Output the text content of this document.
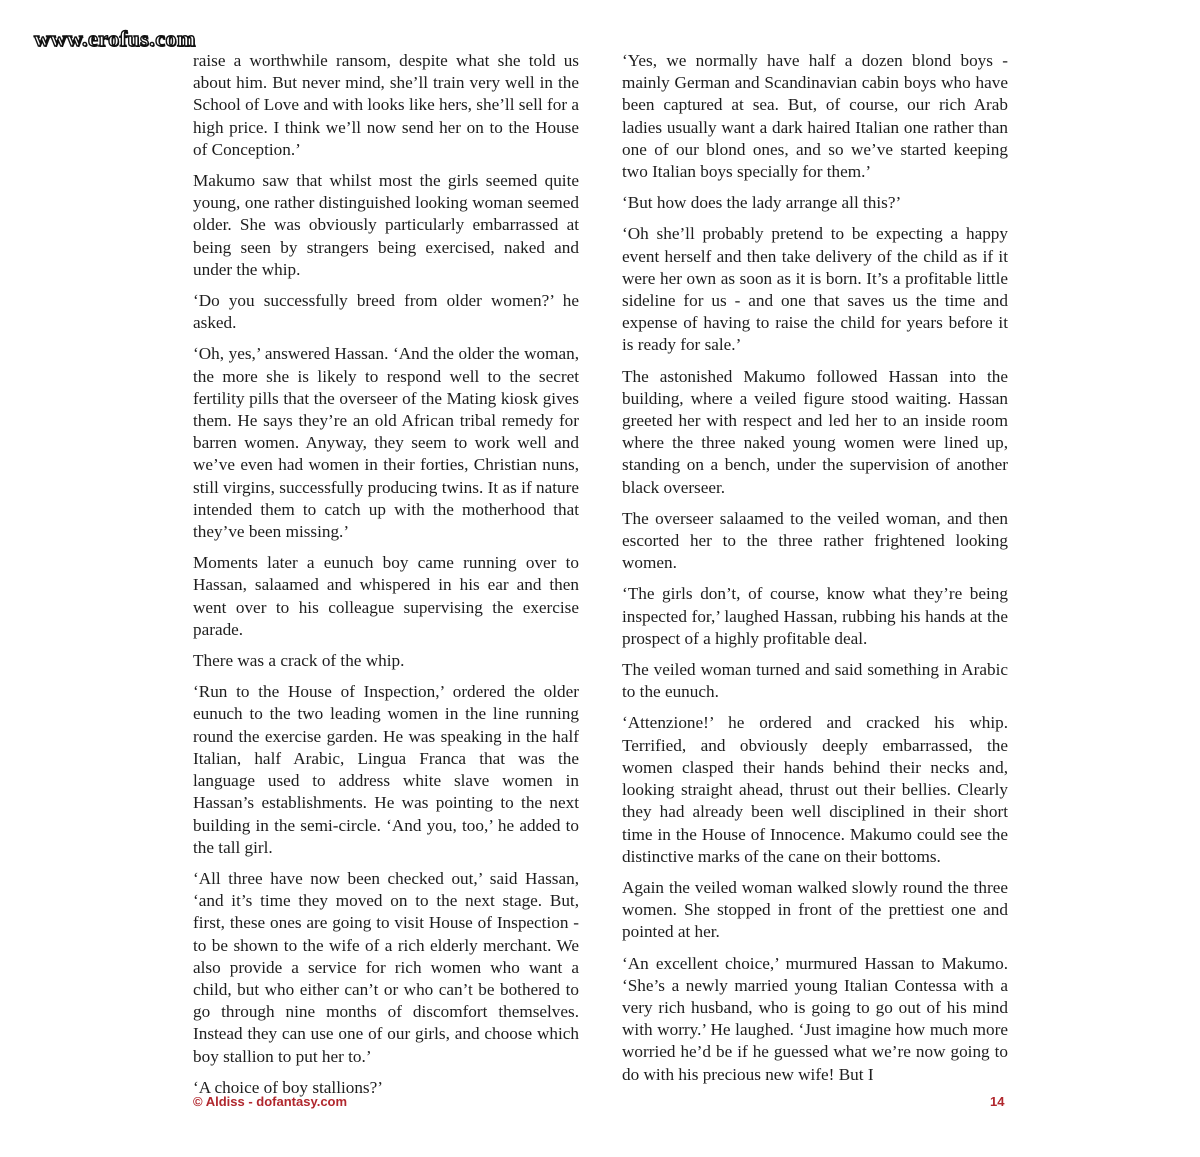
www.erofus.com

raise a worthwhile ransom, despite what she told us about him. But never mind, she’ll train very well in the School of Love and with looks like hers, she’ll sell for a high price. I think we’ll now send her on to the House of Conception.’

Makumo saw that whilst most the girls seemed quite young, one rather distinguished looking woman seemed older. She was obviously particularly embarrassed at being seen by strangers being exercised, naked and under the whip.

‘Do you successfully breed from older women?’ he asked.

‘Oh, yes,’ answered Hassan. ‘And the older the woman, the more she is likely to respond well to the secret fertility pills that the overseer of the Mating kiosk gives them. He says they’re an old African tribal remedy for barren women. Anyway, they seem to work well and we’ve even had women in their forties, Christian nuns, still virgins, successfully producing twins. It as if nature intended them to catch up with the motherhood that they’ve been missing.’

Moments later a eunuch boy came running over to Hassan, salaamed and whispered in his ear and then went over to his colleague supervising the exercise parade.

There was a crack of the whip.

‘Run to the House of Inspection,’ ordered the older eunuch to the two leading women in the line running round the exercise garden. He was speaking in the half Italian, half Arabic, Lingua Franca that was the language used to address white slave women in Hassan’s establishments. He was pointing to the next building in the semi-circle. ‘And you, too,’ he added to the tall girl.

‘All three have now been checked out,’ said Hassan, ‘and it’s time they moved on to the next stage. But, first, these ones are going to visit House of Inspection - to be shown to the wife of a rich elderly merchant. We also provide a service for rich women who want a child, but who either can’t or who can’t be bothered to go through nine months of discomfort themselves. Instead they can use one of our girls, and choose which boy stallion to put her to.’

‘A choice of boy stallions?’

‘Yes, we normally have half a dozen blond boys - mainly German and Scandinavian cabin boys who have been captured at sea. But, of course, our rich Arab ladies usually want a dark haired Italian one rather than one of our blond ones, and so we’ve started keeping two Italian boys specially for them.’

‘But how does the lady arrange all this?’

‘Oh she’ll probably pretend to be expecting a happy event herself and then take delivery of the child as if it were her own as soon as it is born. It’s a profitable little sideline for us - and one that saves us the time and expense of having to raise the child for years before it is ready for sale.’

The astonished Makumo followed Hassan into the building, where a veiled figure stood waiting. Hassan greeted her with respect and led her to an inside room where the three naked young women were lined up, standing on a bench, under the supervision of another black overseer.

The overseer salaamed to the veiled woman, and then escorted her to the three rather frightened looking women.

‘The girls don’t, of course, know what they’re being inspected for,’ laughed Hassan, rubbing his hands at the prospect of a highly profitable deal.

The veiled woman turned and said something in Arabic to the eunuch.

‘Attenzione!’ he ordered and cracked his whip. Terrified, and obviously deeply embarrassed, the women clasped their hands behind their necks and, looking straight ahead, thrust out their bellies. Clearly they had already been well disciplined in their short time in the House of Innocence. Makumo could see the distinctive marks of the cane on their bottoms.

Again the veiled woman walked slowly round the three women. She stopped in front of the prettiest one and pointed at her.

‘An excellent choice,’ murmured Hassan to Makumo. ‘She’s a newly married young Italian Contessa with a very rich husband, who is going to go out of his mind with worry.’ He laughed. ‘Just imagine how much more worried he’d be if he guessed what we’re now going to do with his precious new wife! But I

© Aldiss - dofantasy.com	14
